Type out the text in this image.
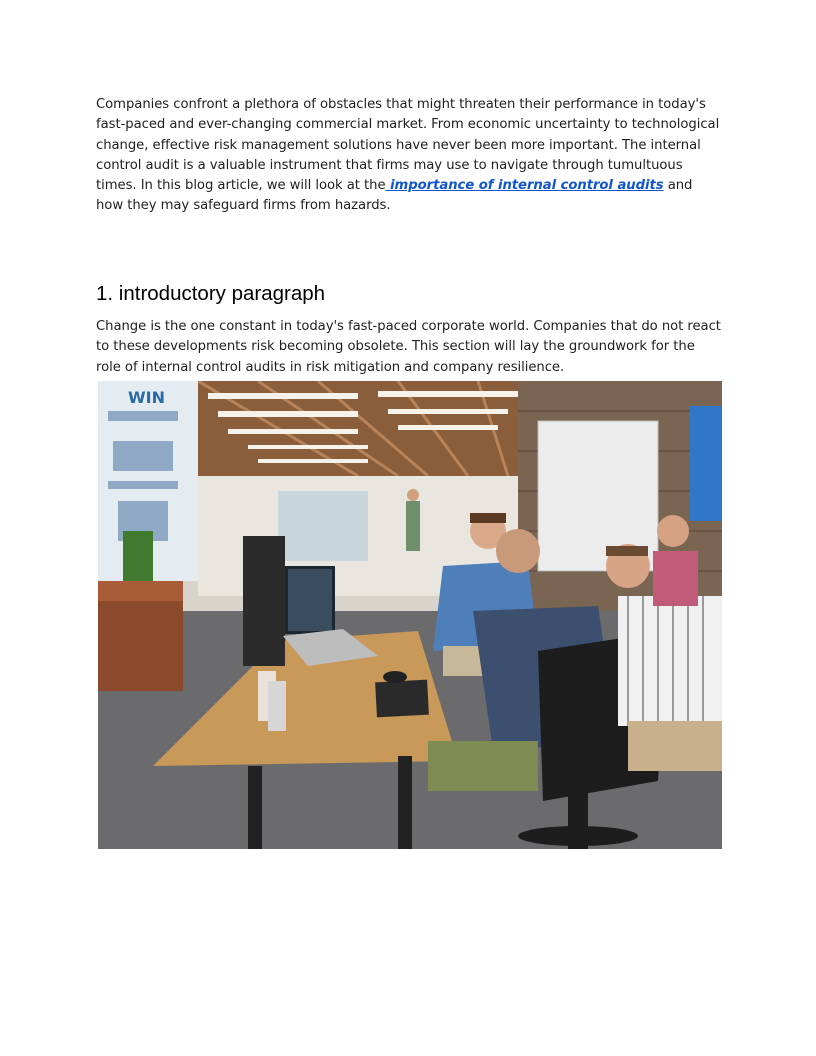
Companies confront a plethora of obstacles that might threaten their performance in today's fast-paced and ever-changing commercial market. From economic uncertainty to technological change, effective risk management solutions have never been more important. The internal control audit is a valuable instrument that firms may use to navigate through tumultuous times. In this blog article, we will look at the importance of internal control audits and how they may safeguard firms from hazards.

1. introductory paragraph

Change is the one constant in today's fast-paced corporate world. Companies that do not react to these developments risk becoming obsolete. This section will lay the groundwork for the role of internal control audits in risk mitigation and company resilience.

WIN
